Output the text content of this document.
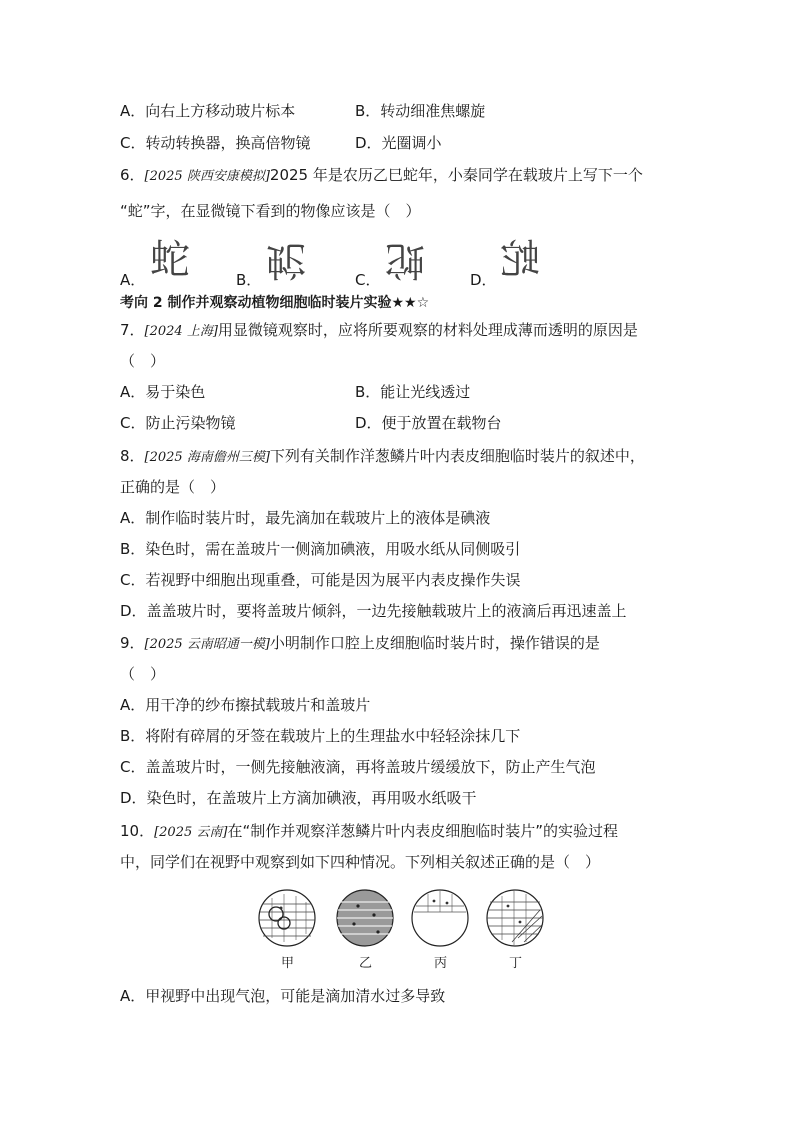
A．向右上方移动玻片标本	B．转动细准焦螺旋
C．转动转换器，换高倍物镜	D．光圈调小
6．[2025 陕西安康模拟]2025 年是农历乙巳蛇年，小秦同学在载玻片上写下一个
“蛇”字，在显微镜下看到的物像应该是（　）
A． 蛇	B． 蛇	C． 蛇	D． 蛇
考向 2 制作并观察动植物细胞临时装片实验★★☆
7．[2024 上海]用显微镜观察时，应将所要观察的材料处理成薄而透明的原因是
（　）
A．易于染色	B．能让光线透过
C．防止污染物镜	D．便于放置在载物台
8．[2025 海南儋州三模]下列有关制作洋葱鳞片叶内表皮细胞临时装片的叙述中，
正确的是（　）
A．制作临时装片时，最先滴加在载玻片上的液体是碘液
B．染色时，需在盖玻片一侧滴加碘液，用吸水纸从同侧吸引
C．若视野中细胞出现重叠，可能是因为展平内表皮操作失误
D．盖盖玻片时，要将盖玻片倾斜，一边先接触载玻片上的液滴后再迅速盖上
9．[2025 云南昭通一模]小明制作口腔上皮细胞临时装片时，操作错误的是
（　）
A．用干净的纱布擦拭载玻片和盖玻片
B．将附有碎屑的牙签在载玻片上的生理盐水中轻轻涂抹几下
C．盖盖玻片时，一侧先接触液滴，再将盖玻片缓缓放下，防止产生气泡
D．染色时，在盖玻片上方滴加碘液，再用吸水纸吸干
10．[2025 云南]在“制作并观察洋葱鳞片叶内表皮细胞临时装片”的实验过程
中，同学们在视野中观察到如下四种情况。下列相关叙述正确的是（　）
甲	乙	丙	丁
A．甲视野中出现气泡，可能是滴加清水过多导致
